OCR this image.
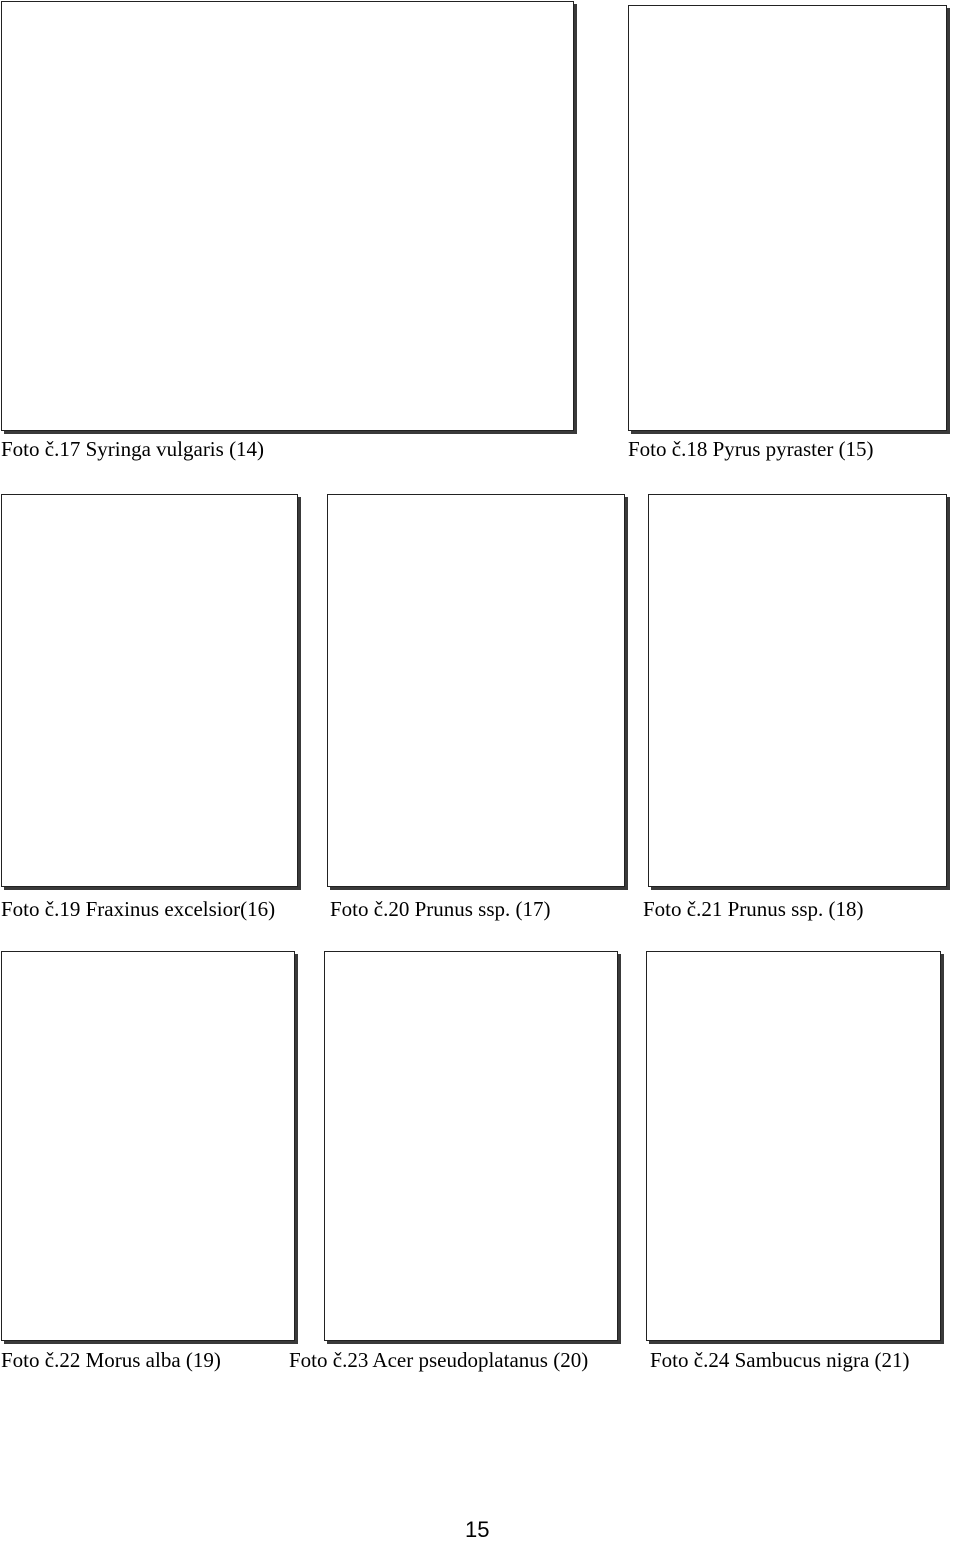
Foto č.17 Syringa vulgaris (14)	Foto č.18 Pyrus pyraster (15)
Foto č.19 Fraxinus excelsior(16)	Foto č.20 Prunus ssp. (17)	Foto č.21 Prunus ssp. (18)
Foto č.22 Morus alba (19)	Foto č.23 Acer pseudoplatanus (20)	Foto č.24 Sambucus nigra (21)
15
